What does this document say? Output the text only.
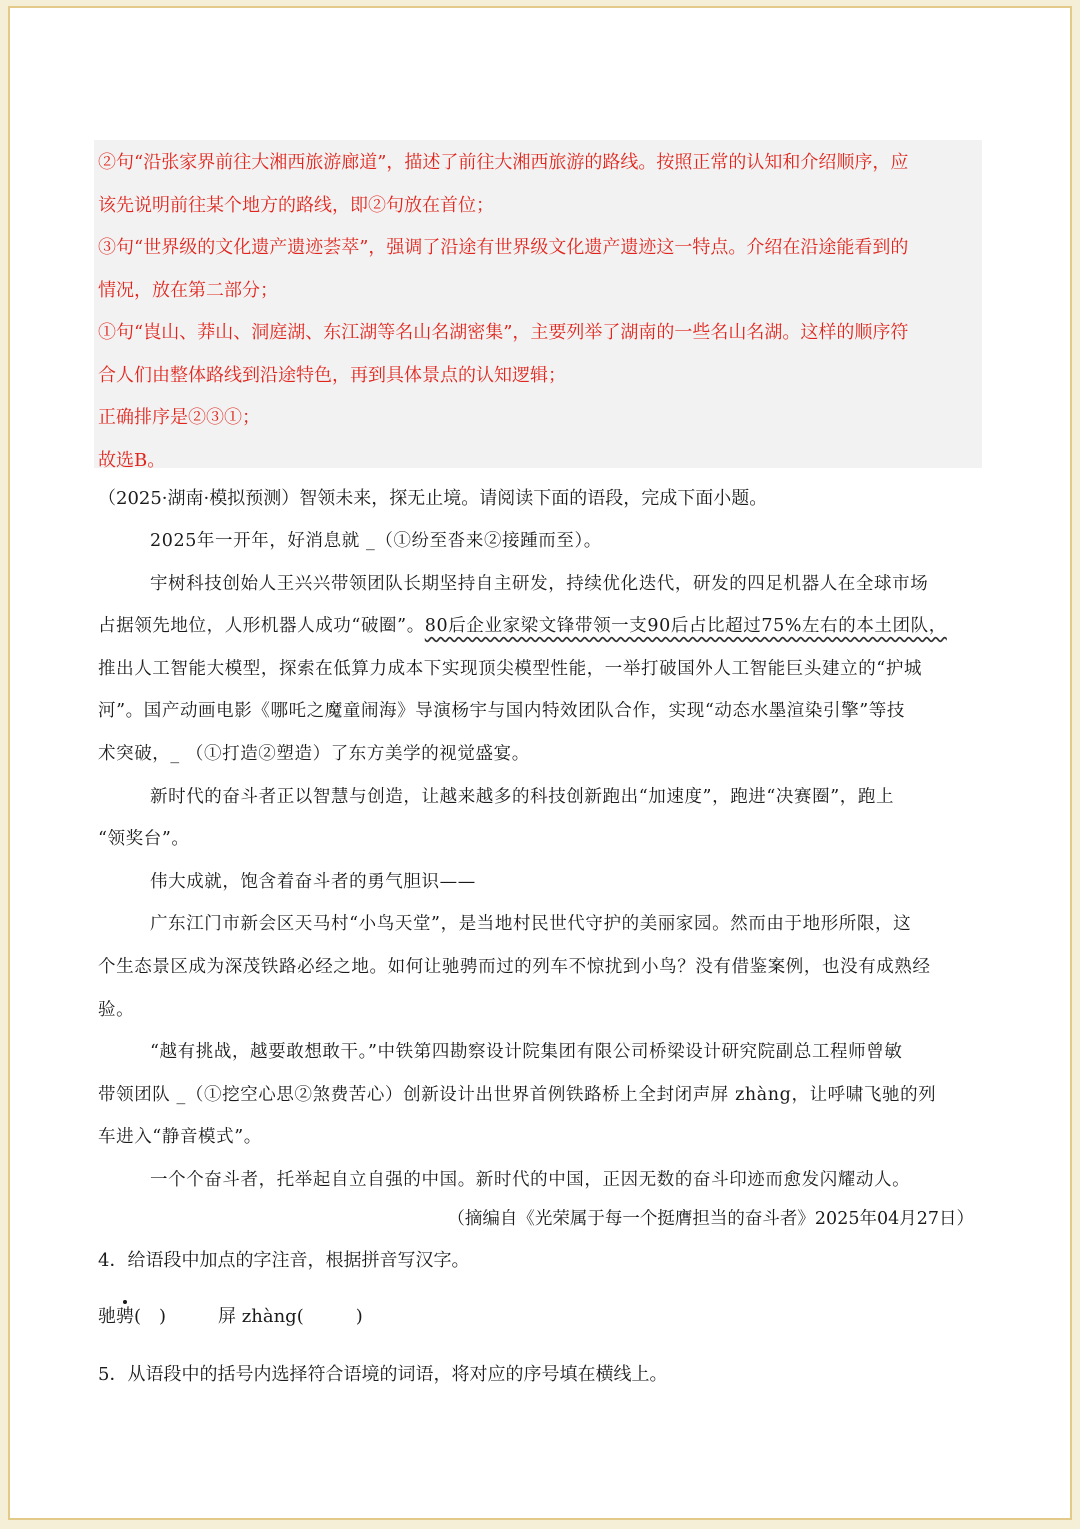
②句“沿张家界前往大湘西旅游廊道”，描述了前往大湘西旅游的路线。按照正常的认知和介绍顺序，应

该先说明前往某个地方的路线，即②句放在首位；

③句“世界级的文化遗产遗迹荟萃”，强调了沿途有世界级文化遗产遗迹这一特点。介绍在沿途能看到的

情况，放在第二部分；

①句“崀山、莽山、洞庭湖、东江湖等名山名湖密集”，主要列举了湖南的一些名山名湖。这样的顺序符

合人们由整体路线到沿途特色，再到具体景点的认知逻辑；

正确排序是②③①；

故选B。

（2025·湖南·模拟预测）智领未来，探无止境。请阅读下面的语段，完成下面小题。

2025年一开年，好消息就 _（①纷至沓来②接踵而至）。

宇树科技创始人王兴兴带领团队长期坚持自主研发，持续优化迭代，研发的四足机器人在全球市场

占据领先地位，人形机器人成功“破圈”。80后企业家梁文锋带领一支90后占比超过75%左右的本土团队，

推出人工智能大模型，探索在低算力成本下实现顶尖模型性能，一举打破国外人工智能巨头建立的“护城

河”。国产动画电影《哪吒之魔童闹海》导演杨宇与国内特效团队合作，实现“动态水墨渲染引擎”等技

术突破，_ （①打造②塑造）了东方美学的视觉盛宴。

新时代的奋斗者正以智慧与创造，让越来越多的科技创新跑出“加速度”，跑进“决赛圈”，跑上

“领奖台”。

伟大成就，饱含着奋斗者的勇气胆识——

广东江门市新会区天马村“小鸟天堂”，是当地村民世代守护的美丽家园。然而由于地形所限，这

个生态景区成为深茂铁路必经之地。如何让驰骋而过的列车不惊扰到小鸟？没有借鉴案例，也没有成熟经

验。

“越有挑战，越要敢想敢干。”中铁第四勘察设计院集团有限公司桥梁设计研究院副总工程师曾敏

带领团队 _（①挖空心思②煞费苦心）创新设计出世界首例铁路桥上全封闭声屏 zhàng，让呼啸飞驰的列

车进入“静音模式”。

一个个奋斗者，托举起自立自强的中国。新时代的中国，正因无数的奋斗印迹而愈发闪耀动人。

（摘编自《光荣属于每一个挺膺担当的奋斗者》2025年04月27日）
4．给语段中加点的字注音，根据拼音写汉字。
驰骋(　)	屏 zhàng(	)
5．从语段中的括号内选择符合语境的词语，将对应的序号填在横线上。
